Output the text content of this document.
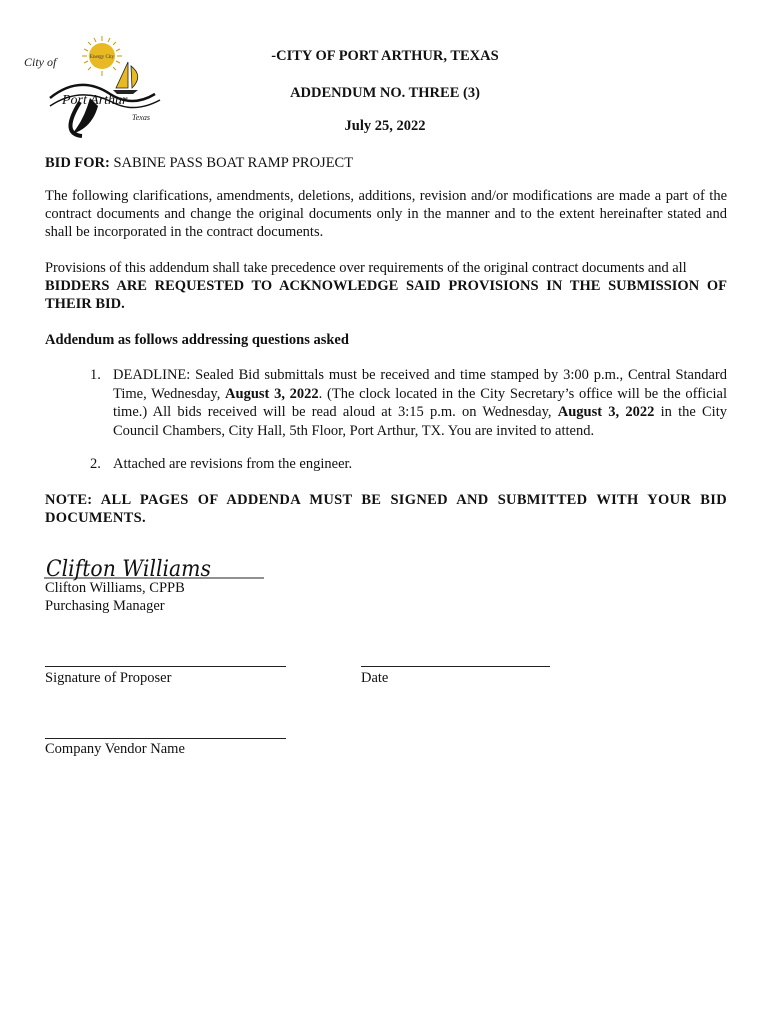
City of
Port Arthur
Texas
Energy City	-CITY OF PORT ARTHUR, TEXAS
ADDENDUM NO. THREE (3)
July 25, 2022
BID FOR: SABINE PASS BOAT RAMP PROJECT
The following clarifications, amendments, deletions, additions, revision and/or modifications are made a part of the contract documents and change the original documents only in the manner and to the extent hereinafter stated and shall be incorporated in the contract documents.
Provisions of this addendum shall take precedence over requirements of the original contract documents and all
BIDDERS ARE REQUESTED TO ACKNOWLEDGE SAID PROVISIONS IN THE SUBMISSION OF THEIR BID.
Addendum as follows addressing questions asked
1. DEADLINE: Sealed Bid submittals must be received and time stamped by 3:00 p.m., Central Standard Time, Wednesday, August 3, 2022. (The clock located in the City Secretary’s office will be the official time.) All bids received will be read aloud at 3:15 p.m. on Wednesday, August 3, 2022 in the City Council Chambers, City Hall, 5th Floor, Port Arthur, TX. You are invited to attend.
2. Attached are revisions from the engineer.
NOTE: ALL PAGES OF ADDENDA MUST BE SIGNED AND SUBMITTED WITH YOUR BID DOCUMENTS.
Clifton Williams
Clifton Williams, CPPB
Purchasing Manager
Signature of Proposer	Date
Company Vendor Name
